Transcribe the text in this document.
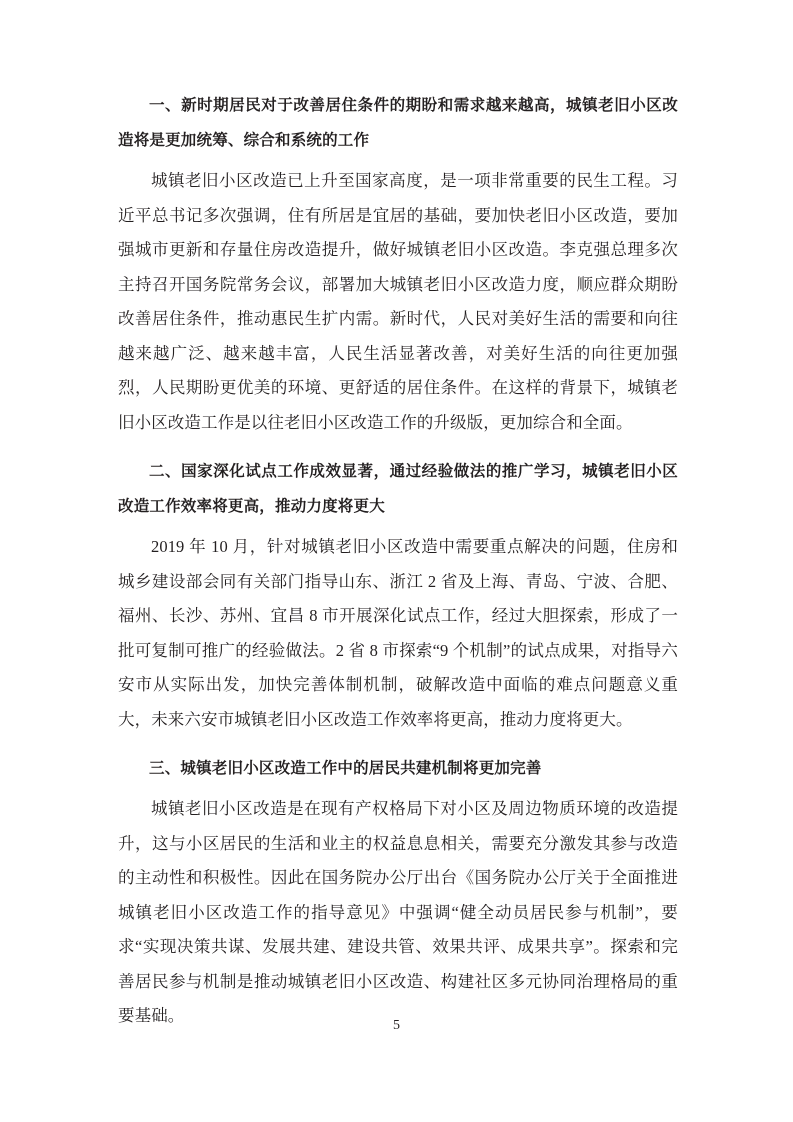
一、新时期居民对于改善居住条件的期盼和需求越来越高，城镇老旧小区改造将是更加统筹、综合和系统的工作

城镇老旧小区改造已上升至国家高度，是一项非常重要的民生工程。习近平总书记多次强调，住有所居是宜居的基础，要加快老旧小区改造，要加强城市更新和存量住房改造提升，做好城镇老旧小区改造。李克强总理多次主持召开国务院常务会议，部署加大城镇老旧小区改造力度，顺应群众期盼改善居住条件，推动惠民生扩内需。新时代，人民对美好生活的需要和向往越来越广泛、越来越丰富，人民生活显著改善，对美好生活的向往更加强烈，人民期盼更优美的环境、更舒适的居住条件。在这样的背景下，城镇老旧小区改造工作是以往老旧小区改造工作的升级版，更加综合和全面。

二、国家深化试点工作成效显著，通过经验做法的推广学习，城镇老旧小区改造工作效率将更高，推动力度将更大

2019 年 10 月，针对城镇老旧小区改造中需要重点解决的问题，住房和城乡建设部会同有关部门指导山东、浙江 2 省及上海、青岛、宁波、合肥、福州、长沙、苏州、宜昌 8 市开展深化试点工作，经过大胆探索，形成了一批可复制可推广的经验做法。2 省 8 市探索“9 个机制”的试点成果，对指导六安市从实际出发，加快完善体制机制，破解改造中面临的难点问题意义重大，未来六安市城镇老旧小区改造工作效率将更高，推动力度将更大。

三、城镇老旧小区改造工作中的居民共建机制将更加完善

城镇老旧小区改造是在现有产权格局下对小区及周边物质环境的改造提升，这与小区居民的生活和业主的权益息息相关，需要充分激发其参与改造的主动性和积极性。因此在国务院办公厅出台《国务院办公厅关于全面推进城镇老旧小区改造工作的指导意见》中强调“健全动员居民参与机制”，要求“实现决策共谋、发展共建、建设共管、效果共评、成果共享”。探索和完善居民参与机制是推动城镇老旧小区改造、构建社区多元协同治理格局的重要基础。

5
